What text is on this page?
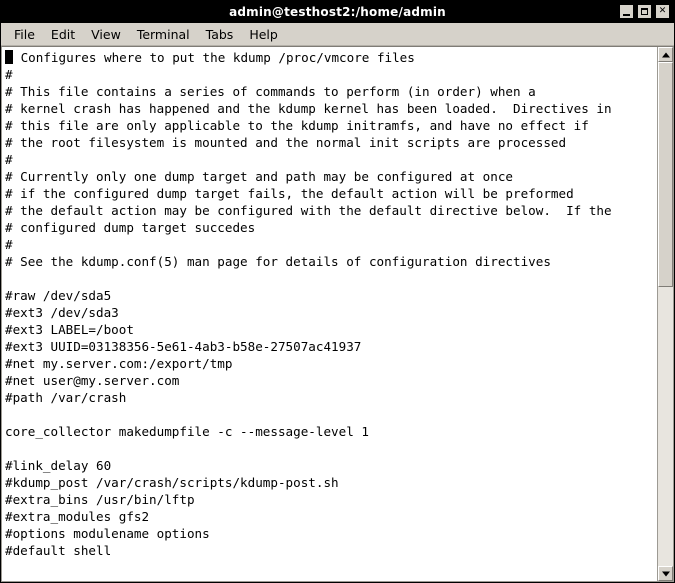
admin@testhost2:/home/admin	✕
File	Edit	View	Terminal	Tabs	Help
Configures where to put the kdump /proc/vmcore files
#
# This file contains a series of commands to perform (in order) when a
# kernel crash has happened and the kdump kernel has been loaded.  Directives in
# this file are only applicable to the kdump initramfs, and have no effect if
# the root filesystem is mounted and the normal init scripts are processed
#
# Currently only one dump target and path may be configured at once
# if the configured dump target fails, the default action will be preformed
# the default action may be configured with the default directive below.  If the
# configured dump target succedes
#
# See the kdump.conf(5) man page for details of configuration directives
#raw /dev/sda5
#ext3 /dev/sda3
#ext3 LABEL=/boot
#ext3 UUID=03138356-5e61-4ab3-b58e-27507ac41937
#net my.server.com:/export/tmp
#net user@my.server.com
#path /var/crash
core_collector makedumpfile -c --message-level 1
#link_delay 60
#kdump_post /var/crash/scripts/kdump-post.sh
#extra_bins /usr/bin/lftp
#extra_modules gfs2
#options modulename options
#default shell
